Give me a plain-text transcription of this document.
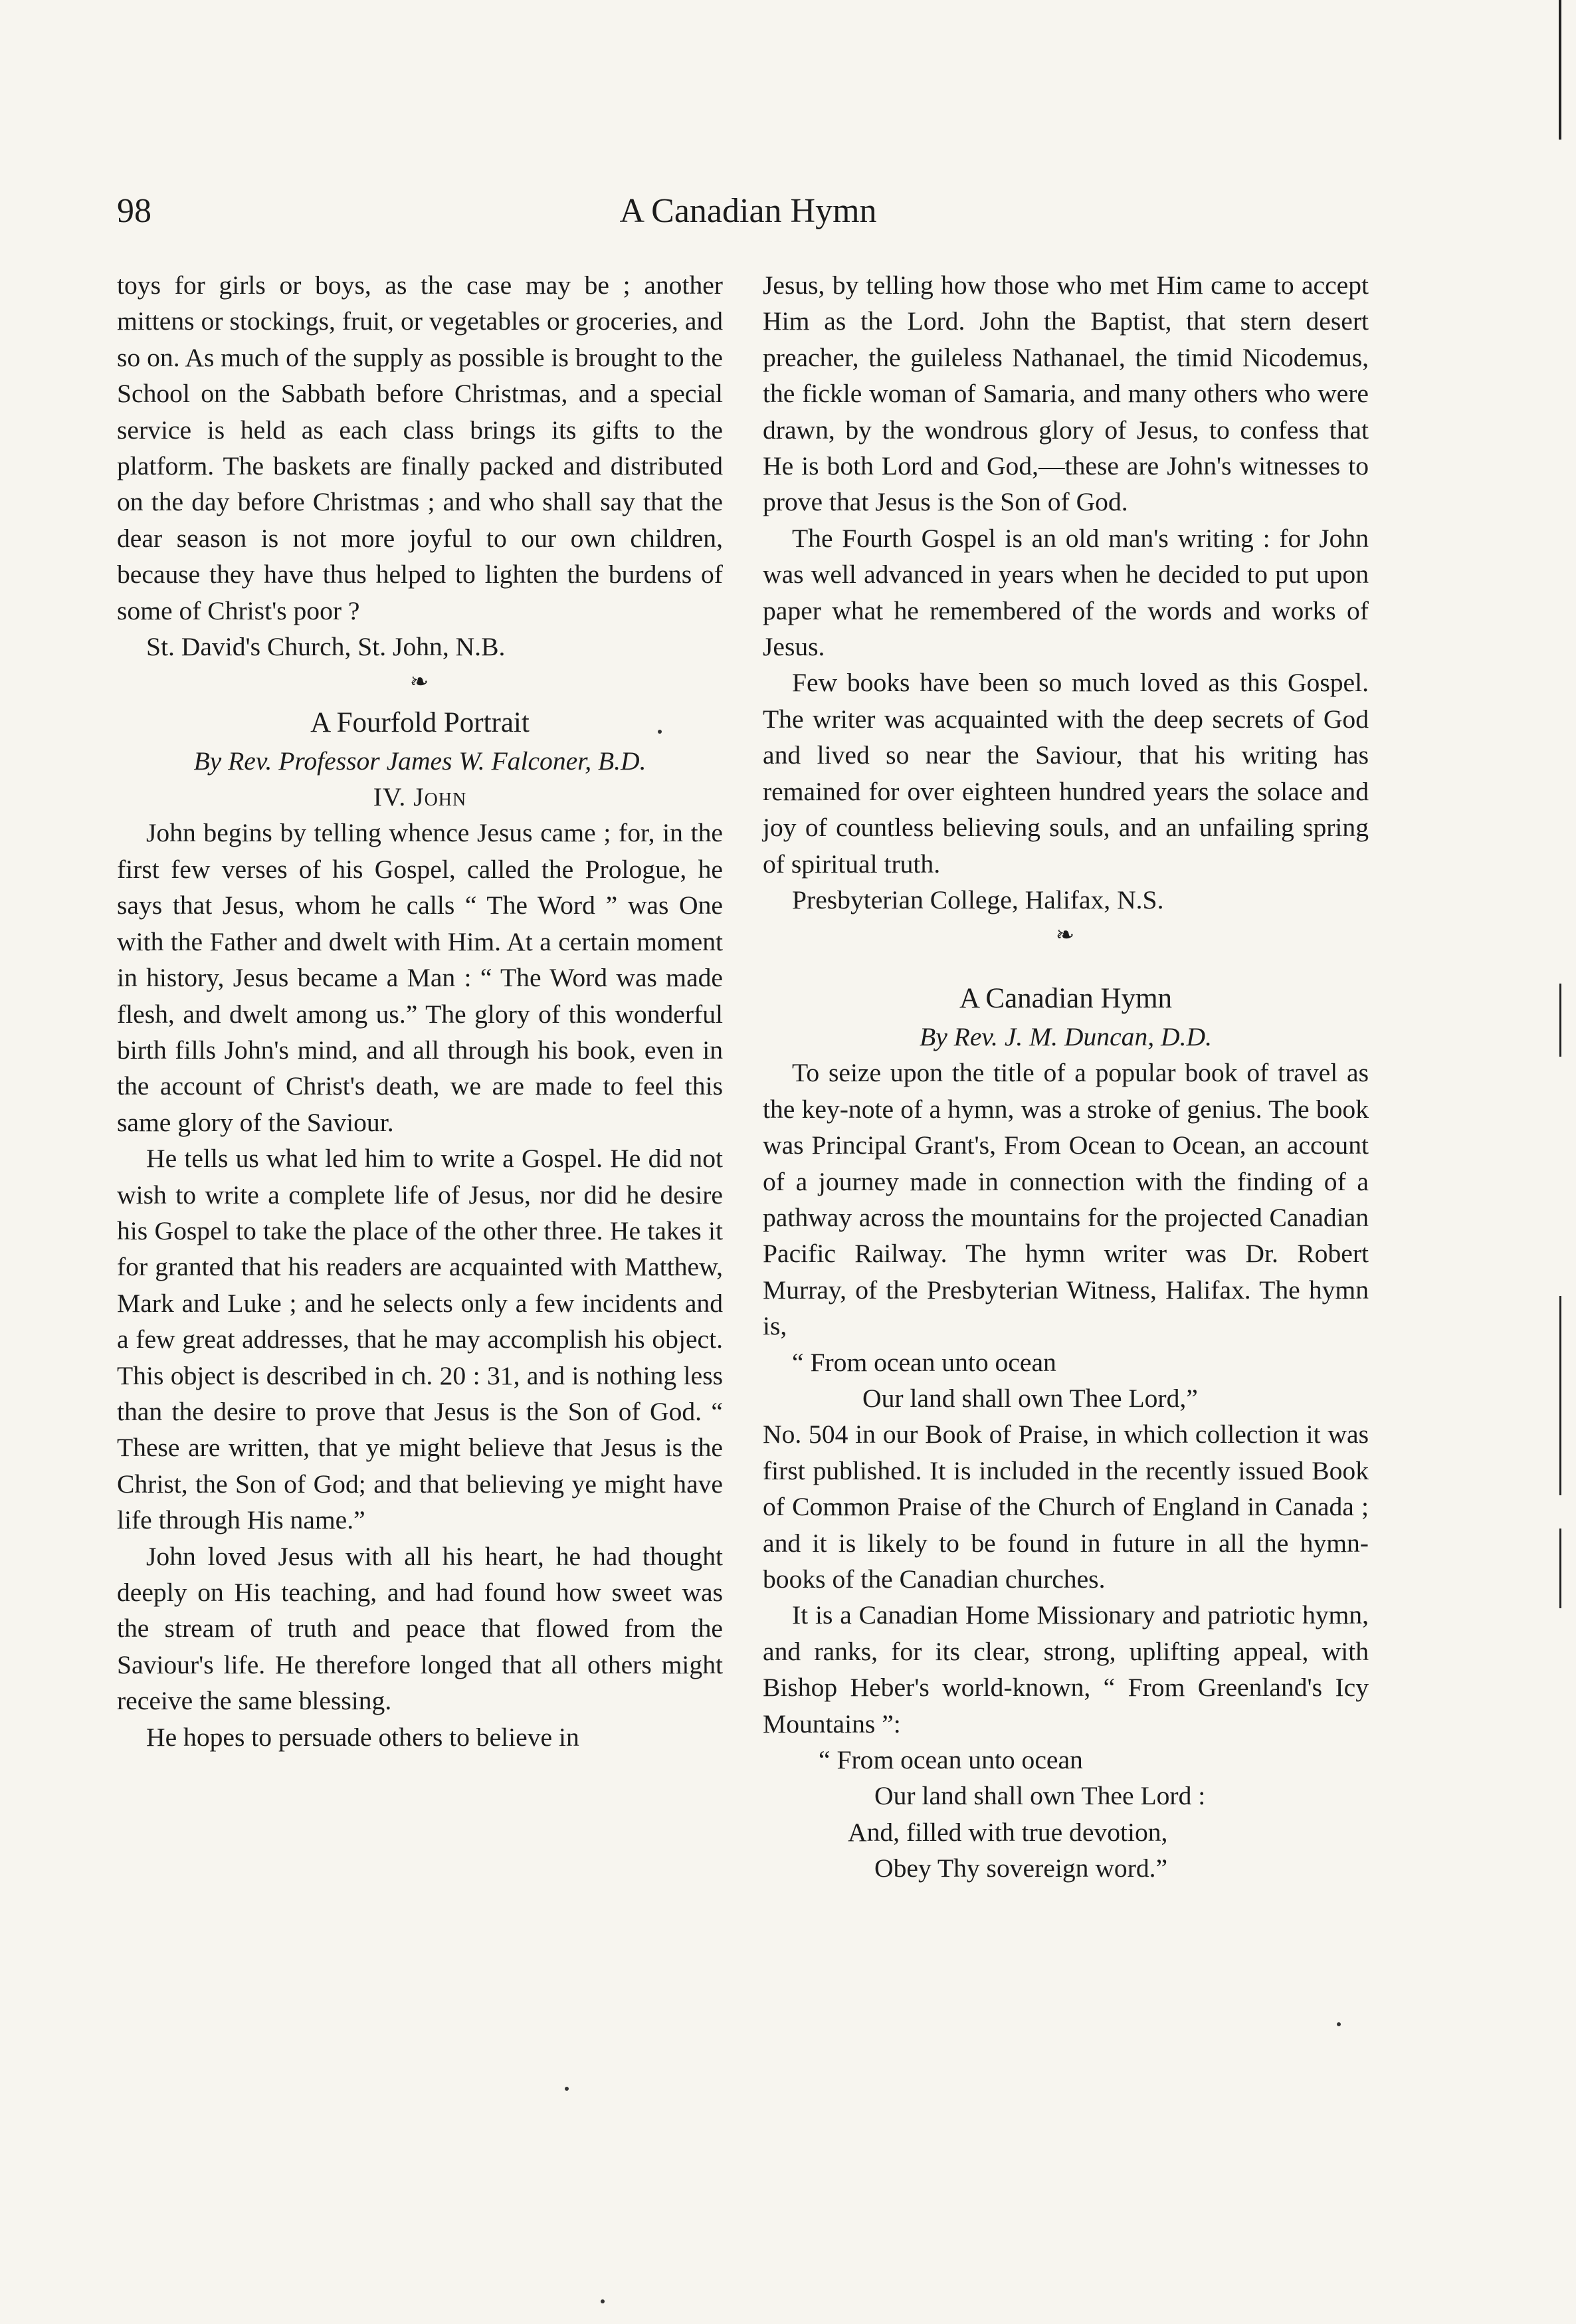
98	A Canadian Hymn

toys for girls or boys, as the case may be ; another mittens or stockings, fruit, or vegetables or groceries, and so on. As much of the supply as possible is brought to the School on the Sabbath before Christmas, and a special service is held as each class brings its gifts to the platform. The baskets are finally packed and distributed on the day before Christmas ; and who shall say that the dear season is not more joyful to our own children, because they have thus helped to lighten the burdens of some of Christ's poor ?

St. David's Church, St. John, N.B.

❧
A Fourfold Portrait
By Rev. Professor James W. Falconer, B.D.
IV. John

John begins by telling whence Jesus came ; for, in the first few verses of his Gospel, called the Prologue, he says that Jesus, whom he calls “ The Word ” was One with the Father and dwelt with Him. At a certain moment in history, Jesus became a Man : “ The Word was made flesh, and dwelt among us.” The glory of this wonderful birth fills John's mind, and all through his book, even in the account of Christ's death, we are made to feel this same glory of the Saviour.

He tells us what led him to write a Gospel. He did not wish to write a complete life of Jesus, nor did he desire his Gospel to take the place of the other three. He takes it for granted that his readers are acquainted with Matthew, Mark and Luke ; and he selects only a few incidents and a few great addresses, that he may accomplish his object. This object is described in ch. 20 : 31, and is nothing less than the desire to prove that Jesus is the Son of God. “ These are written, that ye might believe that Jesus is the Christ, the Son of God; and that believing ye might have life through His name.”

John loved Jesus with all his heart, he had thought deeply on His teaching, and had found how sweet was the stream of truth and peace that flowed from the Saviour's life. He therefore longed that all others might receive the same blessing.

He hopes to persuade others to believe in

Jesus, by telling how those who met Him came to accept Him as the Lord. John the Baptist, that stern desert preacher, the guileless Nathanael, the timid Nicodemus, the fickle woman of Samaria, and many others who were drawn, by the wondrous glory of Jesus, to confess that He is both Lord and God,—these are John's witnesses to prove that Jesus is the Son of God.

The Fourth Gospel is an old man's writing : for John was well advanced in years when he decided to put upon paper what he remembered of the words and works of Jesus.

Few books have been so much loved as this Gospel. The writer was acquainted with the deep secrets of God and lived so near the Saviour, that his writing has remained for over eighteen hundred years the solace and joy of countless believing souls, and an unfailing spring of spiritual truth.

Presbyterian College, Halifax, N.S.

❧
A Canadian Hymn
By Rev. J. M. Duncan, D.D.

To seize upon the title of a popular book of travel as the key-note of a hymn, was a stroke of genius. The book was Principal Grant's, From Ocean to Ocean, an account of a journey made in connection with the finding of a pathway across the mountains for the projected Canadian Pacific Railway. The hymn writer was Dr. Robert Murray, of the Presbyterian Witness, Halifax. The hymn is,

“ From ocean unto ocean
Our land shall own Thee Lord,”

No. 504 in our Book of Praise, in which collection it was first published. It is included in the recently issued Book of Common Praise of the Church of England in Canada ; and it is likely to be found in future in all the hymn-books of the Canadian churches.

It is a Canadian Home Missionary and patriotic hymn, and ranks, for its clear, strong, uplifting appeal, with Bishop Heber's world-known, “ From Greenland's Icy Mountains ”:

“ From ocean unto ocean
Our land shall own Thee Lord :
And, filled with true devotion,
Obey Thy sovereign word.”
